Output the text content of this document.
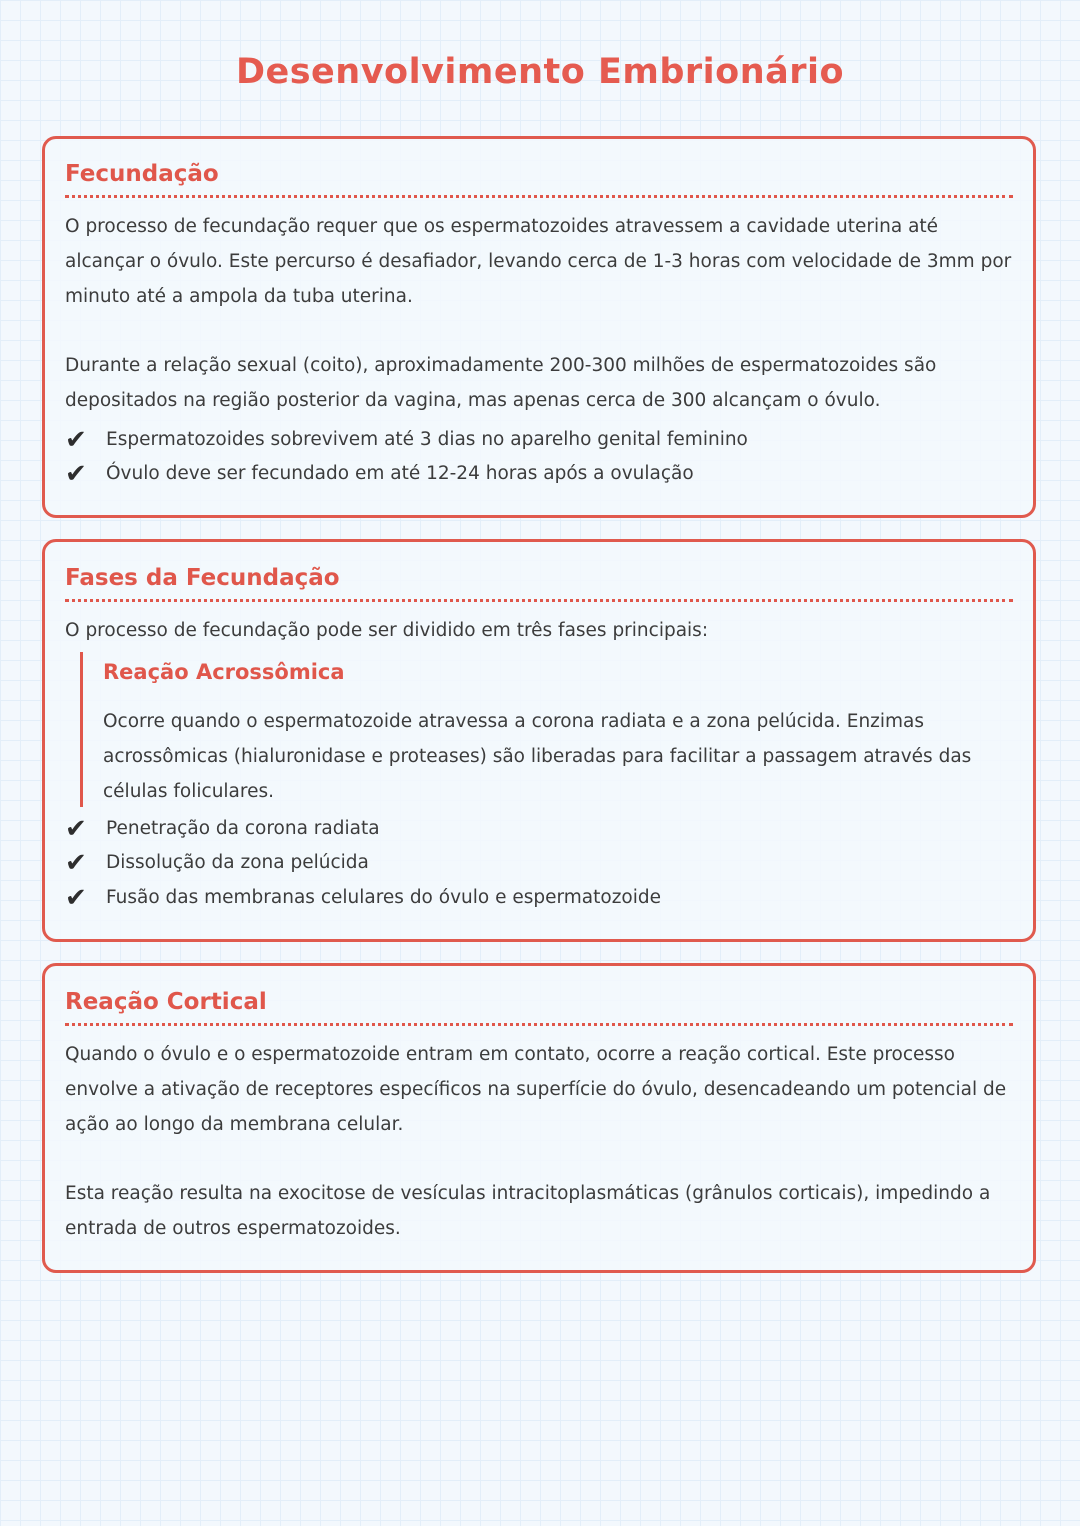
Desenvolvimento Embrionário
Fecundação

O processo de fecundação requer que os espermatozoides atravessem a cavidade uterina até alcançar o óvulo. Este percurso é desafiador, levando cerca de 1-3 horas com velocidade de 3mm por minuto até a ampola da tuba uterina.

Durante a relação sexual (coito), aproximadamente 200-300 milhões de espermatozoides são depositados na região posterior da vagina, mas apenas cerca de 300 alcançam o óvulo.

✔	Espermatozoides sobrevivem até 3 dias no aparelho genital feminino
✔	Óvulo deve ser fecundado em até 12-24 horas após a ovulação
Fases da Fecundação

O processo de fecundação pode ser dividido em três fases principais:

Reação Acrossômica

Ocorre quando o espermatozoide atravessa a corona radiata e a zona pelúcida. Enzimas acrossômicas (hialuronidase e proteases) são liberadas para facilitar a passagem através das células foliculares.

✔	Penetração da corona radiata
✔	Dissolução da zona pelúcida
✔	Fusão das membranas celulares do óvulo e espermatozoide
Reação Cortical

Quando o óvulo e o espermatozoide entram em contato, ocorre a reação cortical. Este processo envolve a ativação de receptores específicos na superfície do óvulo, desencadeando um potencial de ação ao longo da membrana celular.

Esta reação resulta na exocitose de vesículas intracitoplasmáticas (grânulos corticais), impedindo a entrada de outros espermatozoides.
